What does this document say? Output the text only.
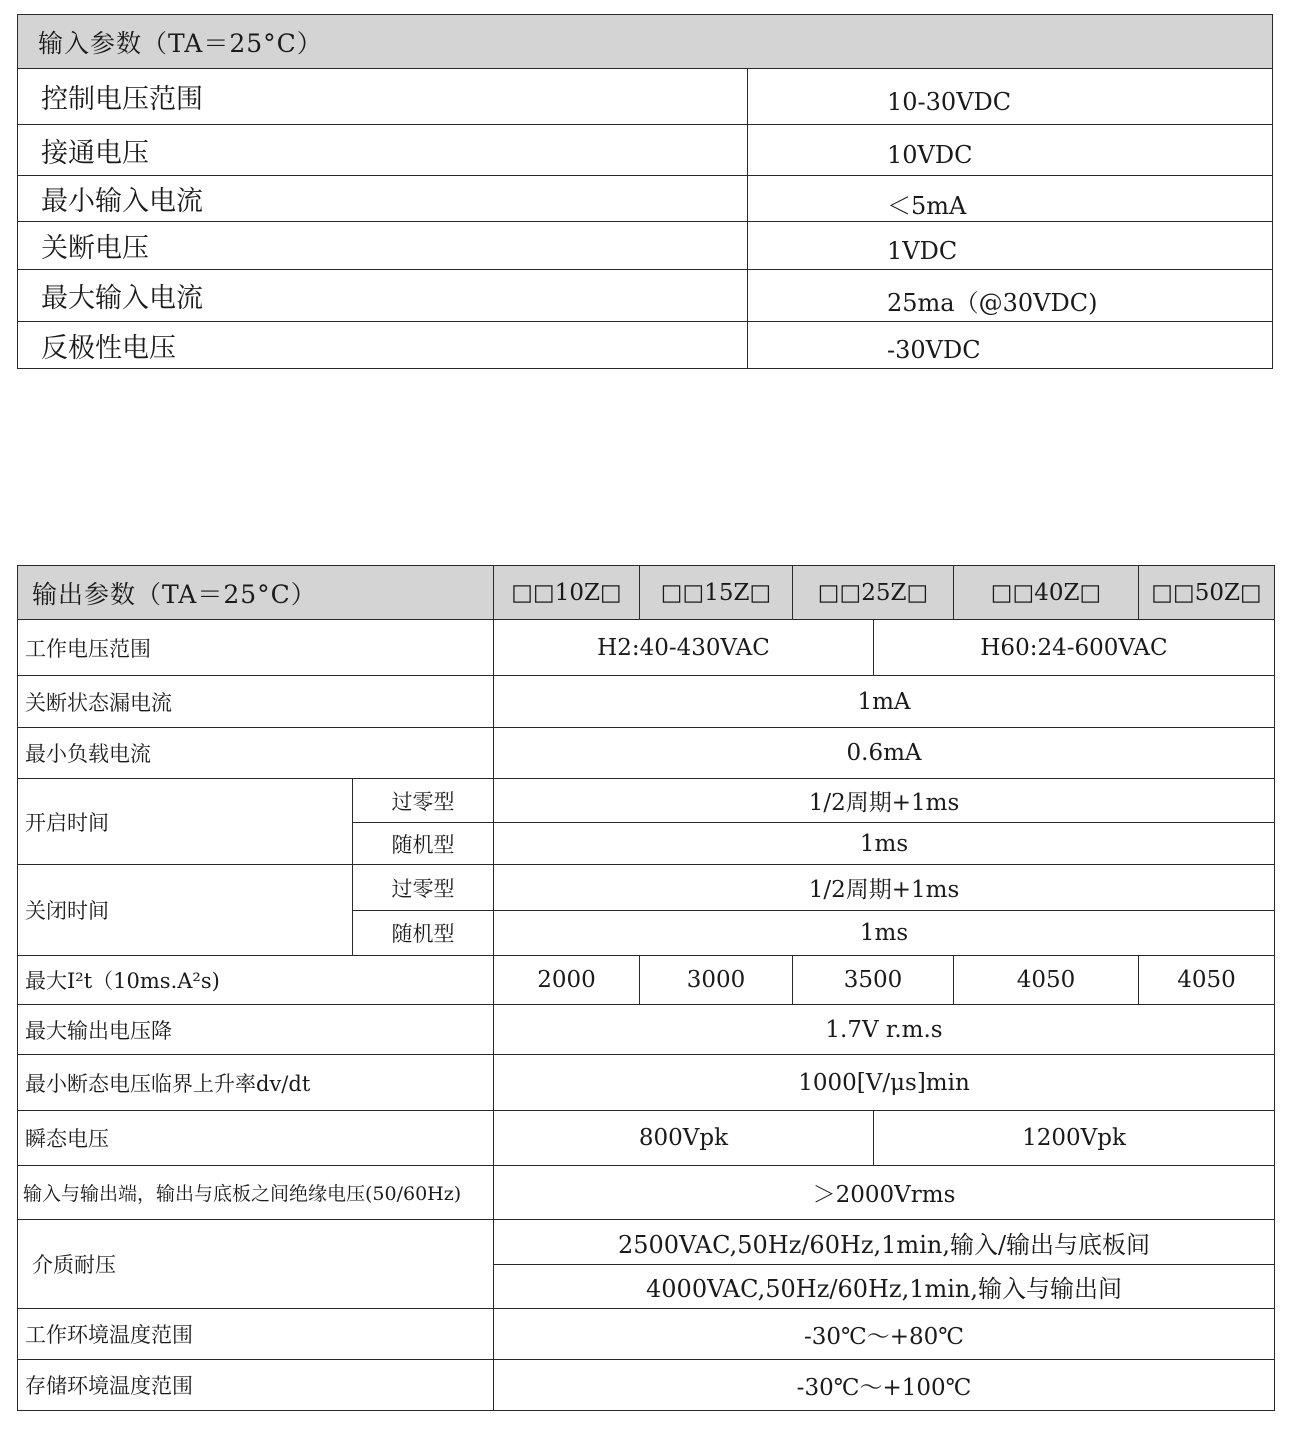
输入参数（TA＝25°C）	
控制电压范围	10-30VDC
接通电压	10VDC
最小输入电流	＜5mA
关断电压	1VDC
最大输入电流	25ma（@30VDC)
反极性电压	-30VDC
输出参数（TA＝25°C）		□□10Z□	□□15Z□	□□25Z□		□□40Z□	□□50Z□
工作电压范围		H2:40-430VAC			H60:24-600VAC		
关断状态漏电流		1mA					
最小负载电流		0.6mA					
开启时间	过零型	1/2周期+1ms					
	随机型	1ms					
关闭时间	过零型	1/2周期+1ms					
	随机型	1ms					
最大I²t（10ms.A²s)		2000	3000	3500		4050	4050
最大输出电压降		1.7V r.m.s					
最小断态电压临界上升率dv/dt		1000[V/μs]min					
瞬态电压		800Vpk			1200Vpk		
输入与输出端，输出与底板之间绝缘电压(50/60Hz)		＞2000Vrms					
介质耐压		2500VAC,50Hz/60Hz,1min,输入/输出与底板间					
		4000VAC,50Hz/60Hz,1min,输入与输出间					
工作环境温度范围		-30℃～+80℃					
存储环境温度范围		-30℃～+100℃					
